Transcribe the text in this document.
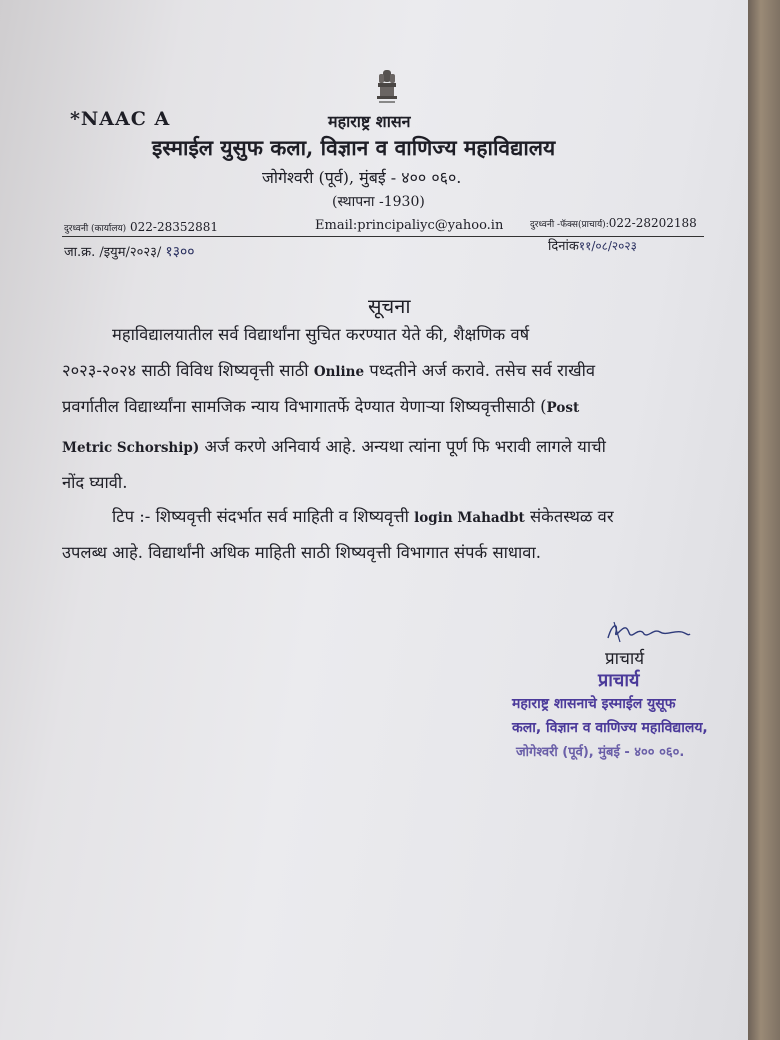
*NAAC A	महाराष्ट्र शासन
इस्माईल युसुफ कला, विज्ञान व वाणिज्य महाविद्यालय
जोगेश्वरी (पूर्व), मुंबई - ४०० ०६०.
(स्थापना -1930)
दुरध्वनी (कार्यालय) 022-28352881	Email:principaliyc@yahoo.in	दुरध्वनी -फॅक्स(प्राचार्य):022-28202188
जा.क्र. /इयुम/२०२३/ १३००	दिनांक११/०८/२०२३
सूचना
महाविद्यालयातील सर्व विद्यार्थांना सुचित करण्यात येते की, शैक्षणिक वर्ष
२०२३-२०२४ साठी विविध शिष्यवृत्ती साठी Online पध्दतीने अर्ज करावे. तसेच सर्व राखीव
प्रवर्गातील विद्यार्थ्यांना सामजिक न्याय विभागातर्फे देण्यात येणाऱ्या शिष्यवृत्तीसाठी (Post
Metric Schorship) अर्ज करणे अनिवार्य आहे. अन्यथा त्यांना पूर्ण फि भरावी लागले याची
नोंद घ्यावी.
टिप :- शिष्यवृत्ती संदर्भात सर्व माहिती व शिष्यवृत्ती login Mahadbt संकेतस्थळ वर
उपलब्ध आहे. विद्यार्थांनी अधिक माहिती साठी शिष्यवृत्ती विभागात संपर्क साधावा.
प्राचार्य
प्राचार्य
महाराष्ट्र शासनाचे इस्माईल युसूफ
कला, विज्ञान व वाणिज्य महाविद्यालय,
जोगेश्वरी (पूर्व), मुंबई - ४०० ०६०.
